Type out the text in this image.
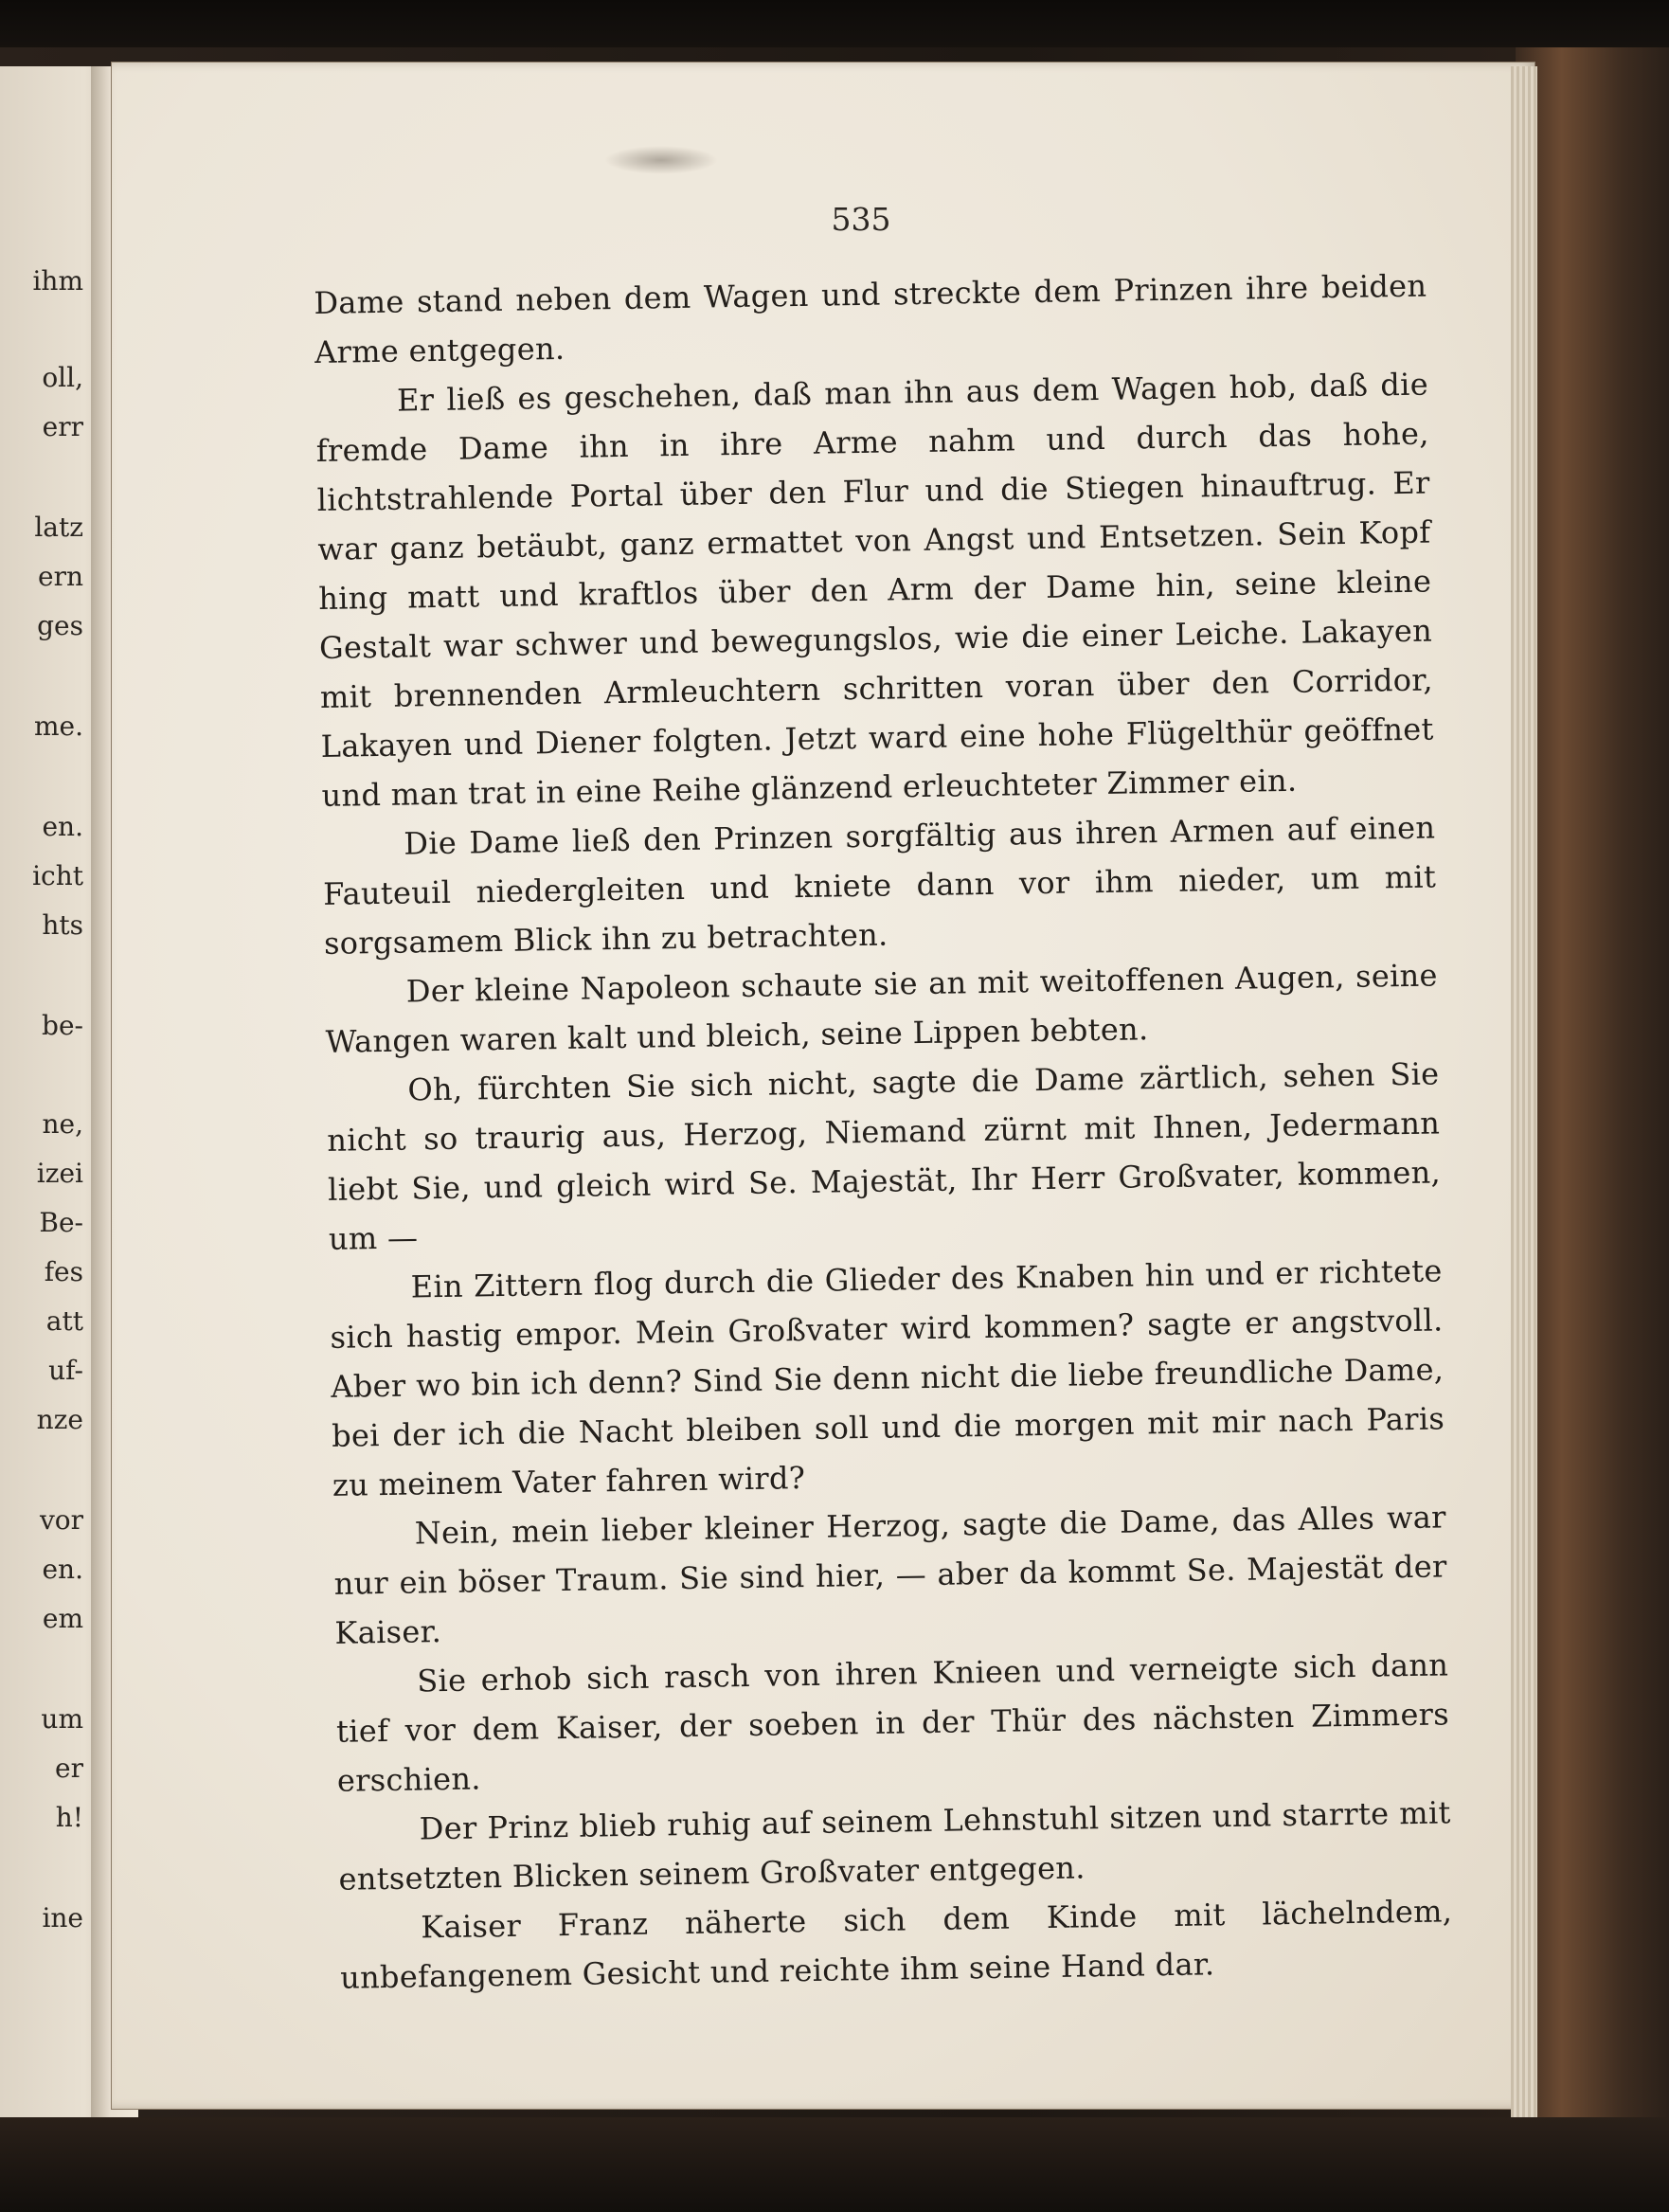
ihm
oll,
err
latz
ern
ges
me.
en.
icht
hts
be-
ne,
izei
Be-
fes
att
uf-
nze
vor
en.
em
um
er
h!
ine
535

Dame stand neben dem Wagen und streckte dem Prinzen ihre beiden Arme entgegen.

Er ließ es geschehen, daß man ihn aus dem Wagen hob, daß die fremde Dame ihn in ihre Arme nahm und durch das hohe, lichtstrahlende Portal über den Flur und die Stiegen hinauftrug. Er war ganz betäubt, ganz ermattet von Angst und Entsetzen. Sein Kopf hing matt und kraftlos über den Arm der Dame hin, seine kleine Gestalt war schwer und bewegungslos, wie die einer Leiche. Lakayen mit brennenden Armleuchtern schritten voran über den Corridor, Lakayen und Diener folgten. Jetzt ward eine hohe Flügelthür geöffnet und man trat in eine Reihe glänzend erleuchteter Zimmer ein.

Die Dame ließ den Prinzen sorgfältig aus ihren Armen auf einen Fauteuil niedergleiten und kniete dann vor ihm nieder, um mit sorgsamem Blick ihn zu betrachten.

Der kleine Napoleon schaute sie an mit weitoffenen Augen, seine Wangen waren kalt und bleich, seine Lippen bebten.

Oh, fürchten Sie sich nicht, sagte die Dame zärtlich, sehen Sie nicht so traurig aus, Herzog, Niemand zürnt mit Ihnen, Jedermann liebt Sie, und gleich wird Se. Majestät, Ihr Herr Großvater, kommen, um —

Ein Zittern flog durch die Glieder des Knaben hin und er richtete sich hastig empor. Mein Großvater wird kommen? sagte er angstvoll. Aber wo bin ich denn? Sind Sie denn nicht die liebe freundliche Dame, bei der ich die Nacht bleiben soll und die morgen mit mir nach Paris zu meinem Vater fahren wird?

Nein, mein lieber kleiner Herzog, sagte die Dame, das Alles war nur ein böser Traum. Sie sind hier, — aber da kommt Se. Majestät der Kaiser.

Sie erhob sich rasch von ihren Knieen und verneigte sich dann tief vor dem Kaiser, der soeben in der Thür des nächsten Zimmers erschien.

Der Prinz blieb ruhig auf seinem Lehnstuhl sitzen und starrte mit entsetzten Blicken seinem Großvater entgegen.

Kaiser Franz näherte sich dem Kinde mit lächelndem, unbefangenem Gesicht und reichte ihm seine Hand dar.
